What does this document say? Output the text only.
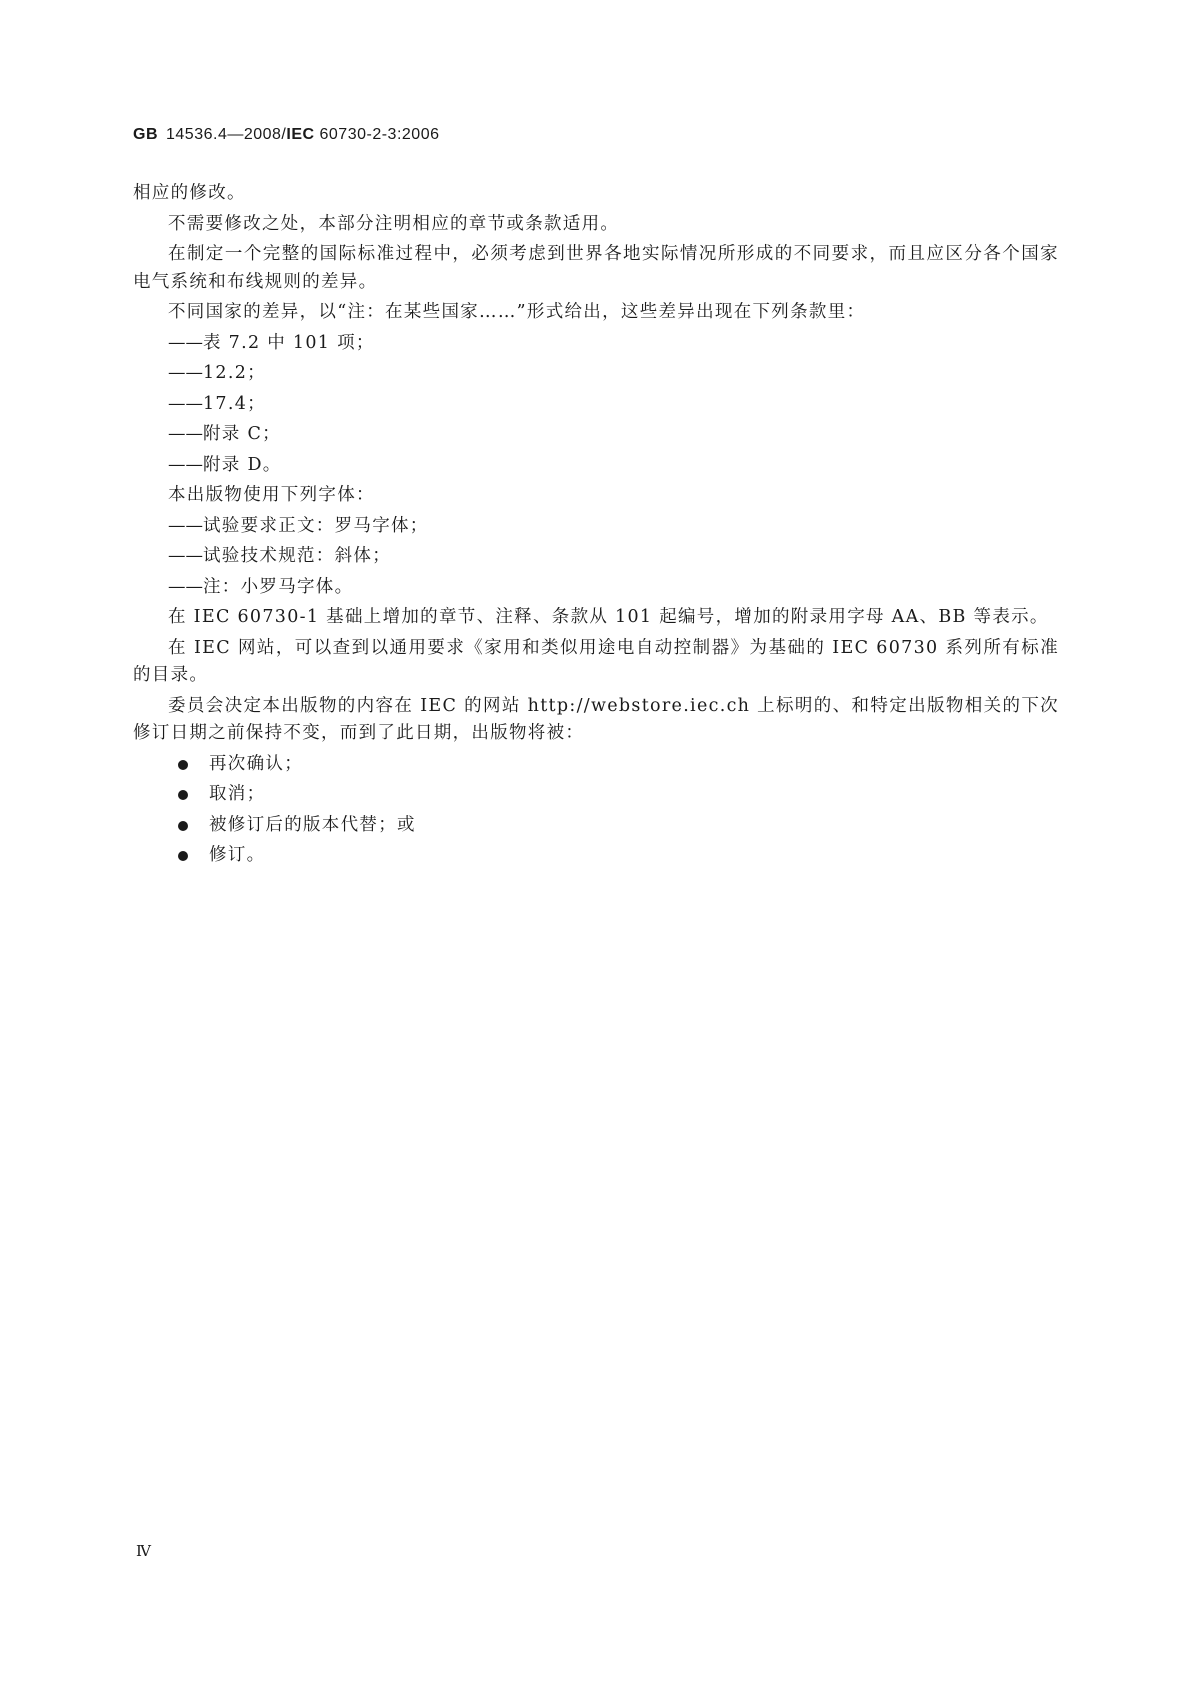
GB 14536.4—2008/IEC 60730-2-3:2006

相应的修改。

不需要修改之处，本部分注明相应的章节或条款适用。

在制定一个完整的国际标准过程中，必须考虑到世界各地实际情况所形成的不同要求，而且应区分各个国家电气系统和布线规则的差异。

不同国家的差异，以“注：在某些国家……”形式给出，这些差异出现在下列条款里：

——表 7.2 中 101 项；
——12.2；
——17.4；
——附录 C；
——附录 D。

本出版物使用下列字体：

——试验要求正文：罗马字体；
——试验技术规范：斜体；
——注：小罗马字体。

在 IEC 60730-1 基础上增加的章节、注释、条款从 101 起编号，增加的附录用字母 AA、BB 等表示。

在 IEC 网站，可以查到以通用要求《家用和类似用途电自动控制器》为基础的 IEC 60730 系列所有标准的目录。

委员会决定本出版物的内容在 IEC 的网站 http://webstore.iec.ch 上标明的、和特定出版物相关的下次修订日期之前保持不变，而到了此日期，出版物将被：

再次确认；
取消；
被修订后的版本代替；或
修订。
Ⅳ
